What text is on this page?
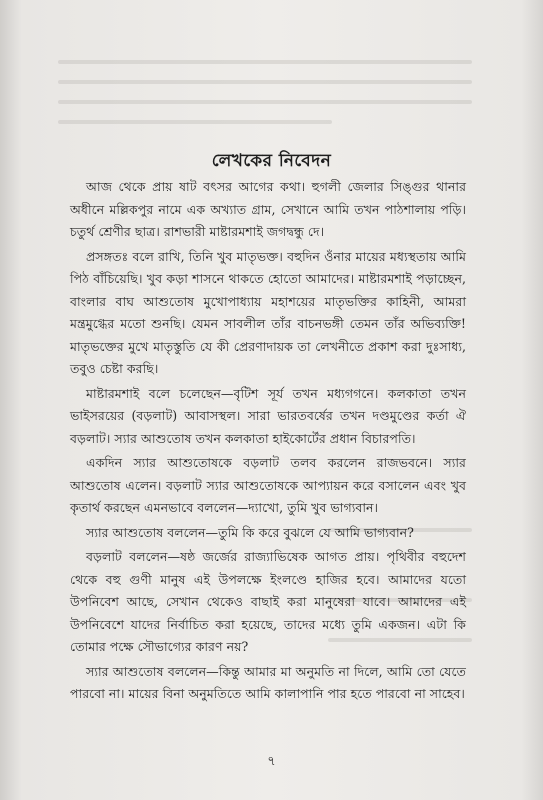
লেখকের নিবেদন

আজ থেকে প্রায় ষাট বৎসর আগের কথা। হুগলী জেলার সিঙ্গুর থানার অধীনে মল্লিকপুর নামে এক অখ্যাত গ্রাম, সেখানে আমি তখন পাঠশালায় পড়ি। চতুর্থ শ্রেণীর ছাত্র। রাশভারী মাষ্টারমশাই জগদ্বন্ধু দে।

প্রসঙ্গতঃ বলে রাখি, তিনি খুব মাতৃভক্ত। বহুদিন ওঁনার মায়ের মধ্যস্থতায় আমি পিঠ বাঁচিয়েছি। খুব কড়া শাসনে থাকতে হোতো আমাদের। মাষ্টারমশাই পড়াচ্ছেন, বাংলার বাঘ আশুতোষ মুখোপাধ্যায় মহাশয়ের মাতৃভক্তির কাহিনী, আমরা মন্ত্রমুগ্ধের মতো শুনছি। যেমন সাবলীল তাঁর বাচনভঙ্গী তেমন তাঁর অভিব্যক্তি! মাতৃভক্তের মুখে মাতৃস্তুতি যে কী প্রেরণাদায়ক তা লেখনীতে প্রকাশ করা দুঃসাধ্য, তবুও চেষ্টা করছি।

মাষ্টারমশাই বলে চলেছেন—বৃটিশ সূর্য তখন মধ্যগগনে। কলকাতা তখন ভাইসরয়ের (বড়লাট) আবাসস্থল। সারা ভারতবর্ষের তখন দণ্ডমুণ্ডের কর্তা ঐ বড়লাট। স্যার আশুতোষ তখন কলকাতা হাইকোর্টের প্রধান বিচারপতি।

একদিন স্যার আশুতোষকে বড়লাট তলব করলেন রাজভবনে। স্যার আশুতোষ এলেন। বড়লাট স্যার আশুতোষকে আপ্যায়ন করে বসালেন এবং খুব কৃতার্থ করছেন এমনভাবে বললেন—দ্যাখো, তুমি খুব ভাগ্যবান।

স্যার আশুতোষ বললেন—তুমি কি করে বুঝলে যে আমি ভাগ্যবান?

বড়লাট বললেন—ষষ্ঠ জর্জের রাজ্যাভিষেক আগত প্রায়। পৃথিবীর বহুদেশ থেকে বহু গুণী মানুষ এই উপলক্ষে ইংলণ্ডে হাজির হবে। আমাদের যতো উপনিবেশ আছে, সেখান থেকেও বাছাই করা মানুষেরা যাবে। আমাদের এই উপনিবেশে যাদের নির্বাচিত করা হয়েছে, তাদের মধ্যে তুমি একজন। এটা কি তোমার পক্ষে সৌভাগ্যের কারণ নয়?

স্যার আশুতোষ বললেন—কিন্তু আমার মা অনুমতি না দিলে, আমি তো যেতে পারবো না। মায়ের বিনা অনুমতিতে আমি কালাপানি পার হতে পারবো না সাহেব।

৭
